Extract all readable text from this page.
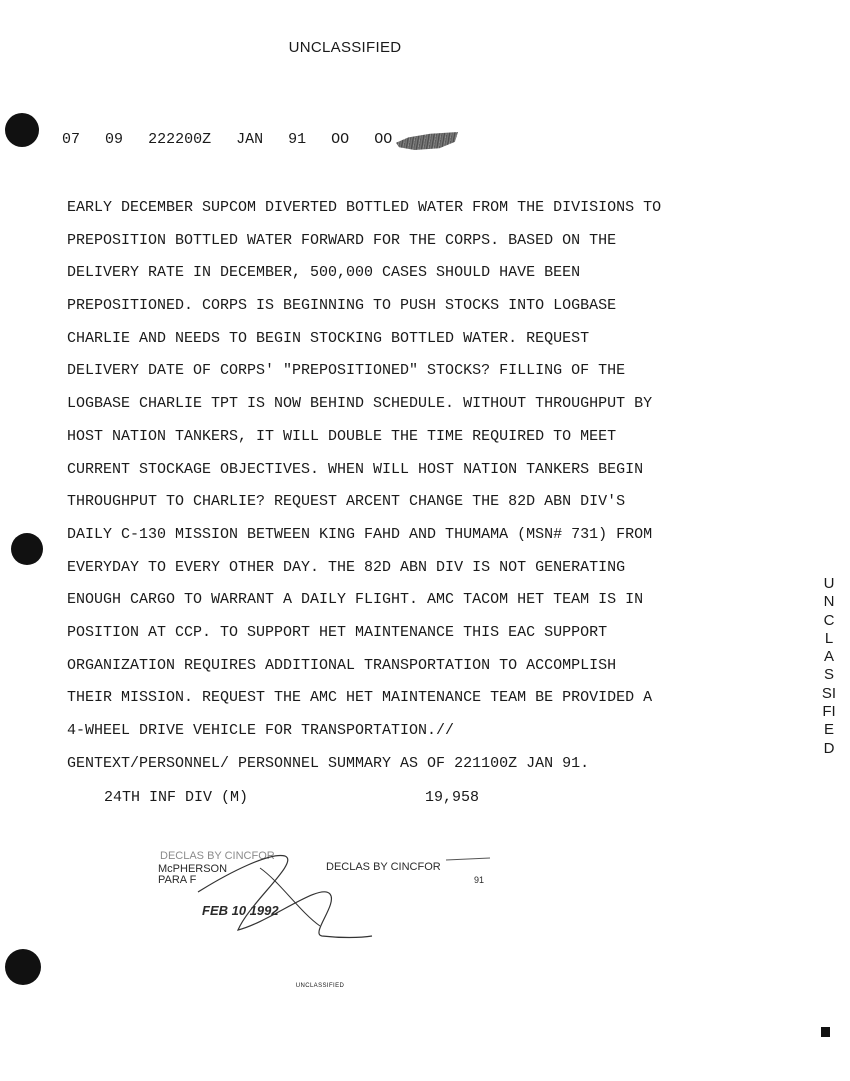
UNCLASSIFIED
07 09 222200Z JAN 91 OO OO
EARLY DECEMBER SUPCOM DIVERTED BOTTLED WATER FROM THE DIVISIONS TO
PREPOSITION BOTTLED WATER FORWARD FOR THE CORPS. BASED ON THE
DELIVERY RATE IN DECEMBER, 500,000 CASES SHOULD HAVE BEEN
PREPOSITIONED. CORPS IS BEGINNING TO PUSH STOCKS INTO LOGBASE
CHARLIE AND NEEDS TO BEGIN STOCKING BOTTLED WATER. REQUEST
DELIVERY DATE OF CORPS' "PREPOSITIONED" STOCKS? FILLING OF THE
LOGBASE CHARLIE TPT IS NOW BEHIND SCHEDULE. WITHOUT THROUGHPUT BY
HOST NATION TANKERS, IT WILL DOUBLE THE TIME REQUIRED TO MEET
CURRENT STOCKAGE OBJECTIVES. WHEN WILL HOST NATION TANKERS BEGIN
THROUGHPUT TO CHARLIE? REQUEST ARCENT CHANGE THE 82D ABN DIV'S
DAILY C-130 MISSION BETWEEN KING FAHD AND THUMAMA (MSN# 731) FROM
EVERYDAY TO EVERY OTHER DAY. THE 82D ABN DIV IS NOT GENERATING
ENOUGH CARGO TO WARRANT A DAILY FLIGHT. AMC TACOM HET TEAM IS IN
POSITION AT CCP. TO SUPPORT HET MAINTENANCE THIS EAC SUPPORT
ORGANIZATION REQUIRES ADDITIONAL TRANSPORTATION TO ACCOMPLISH
THEIR MISSION. REQUEST THE AMC HET MAINTENANCE TEAM BE PROVIDED A
4-WHEEL DRIVE VEHICLE FOR TRANSPORTATION.//
GENTEXT/PERSONNEL/ PERSONNEL SUMMARY AS OF 221100Z JAN 91.
24TH INF DIV (M)	19,958
DECLAS BY CINCFOR
McPHERSON
PARA F
DECLAS BY CINCFOR
91
FEB 10 1992
UNCLASSIFIED
U
N
C
L
A
S
SI
FI
E
D
